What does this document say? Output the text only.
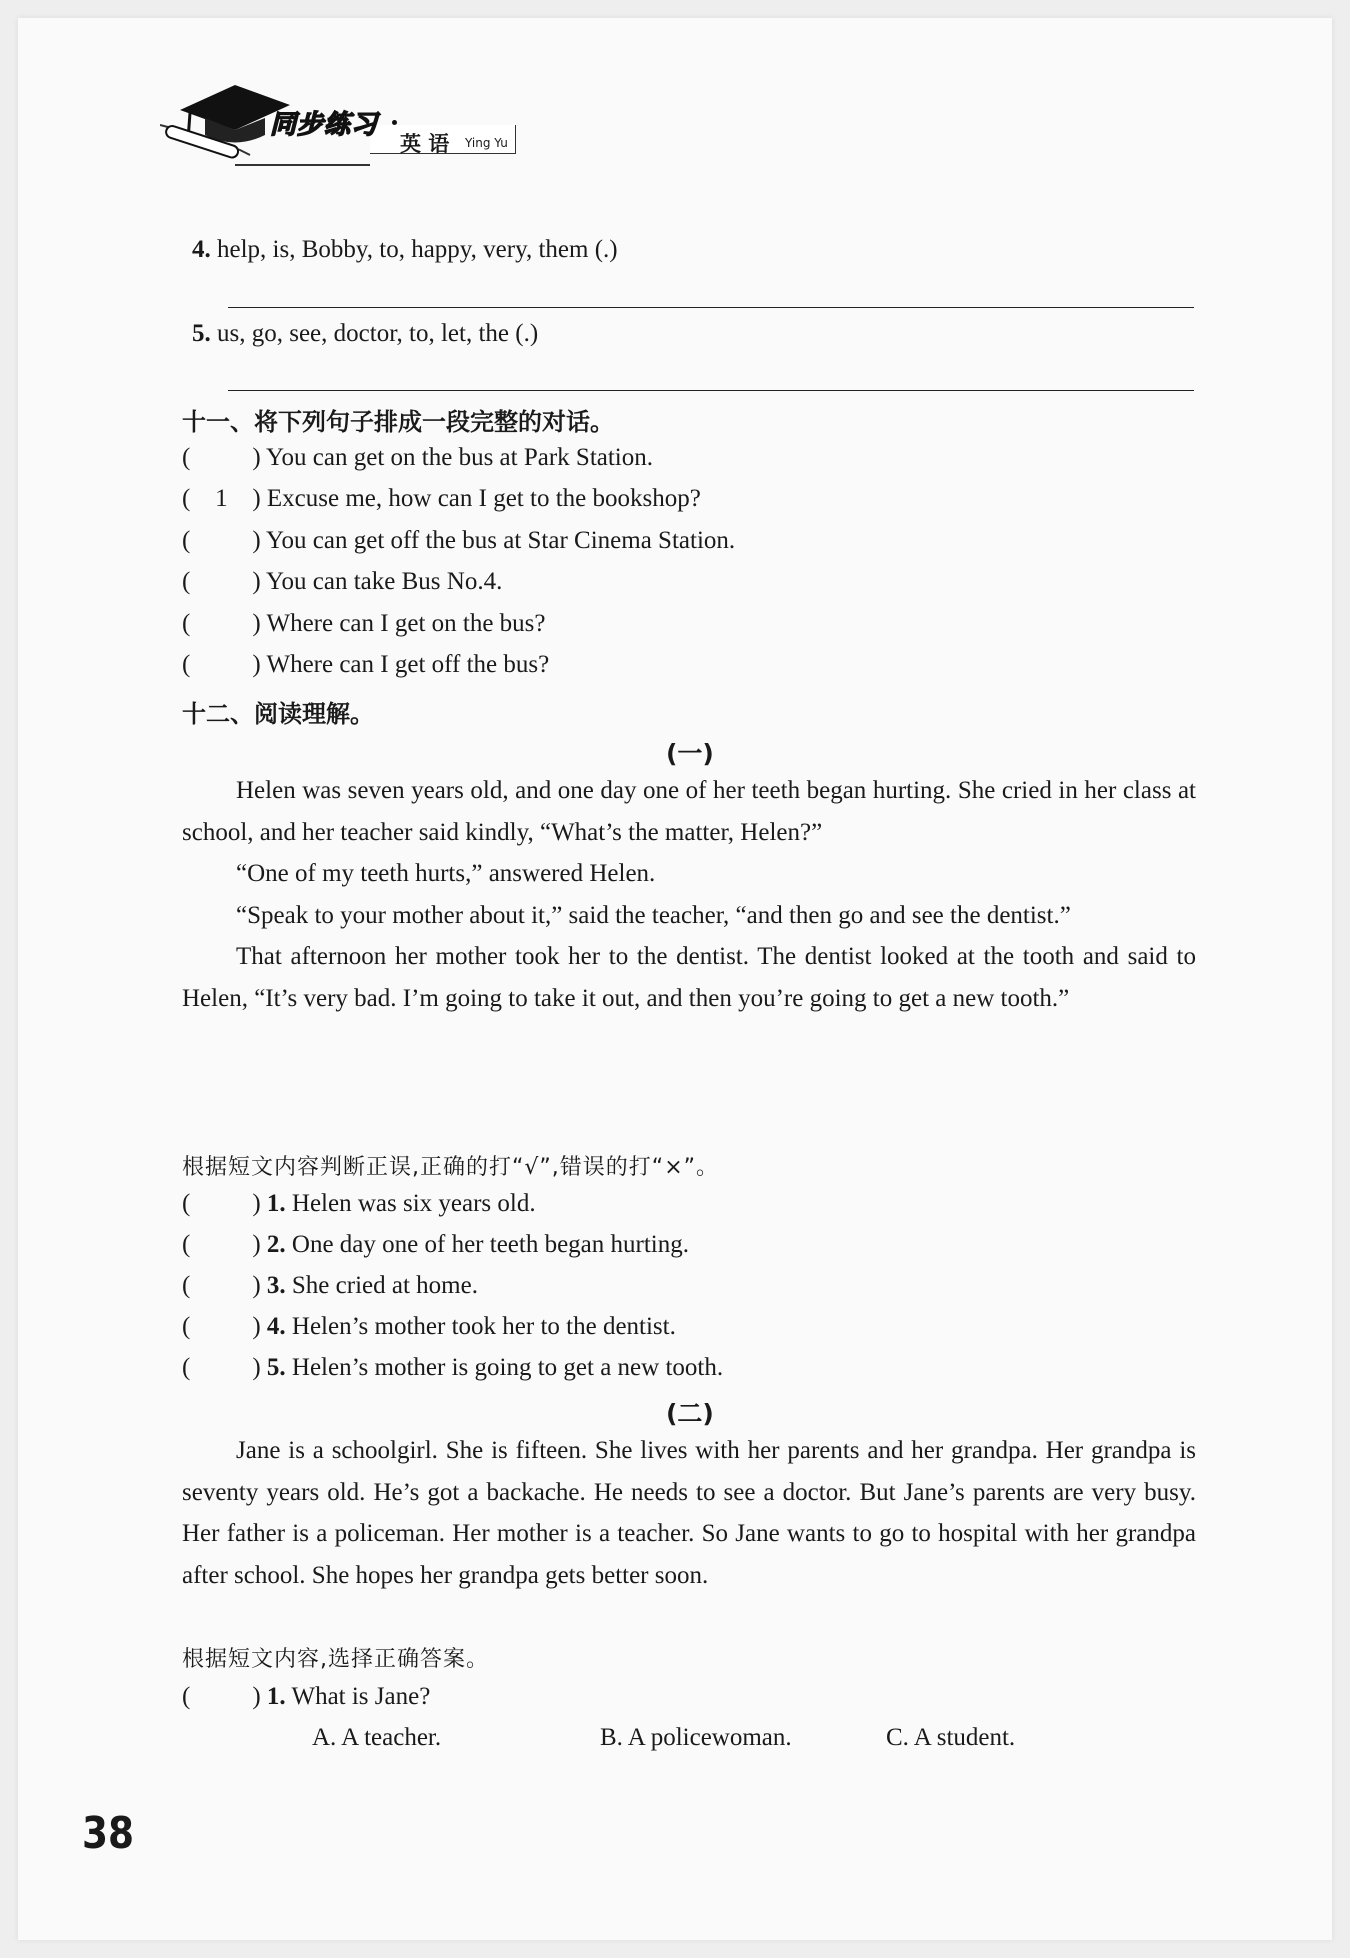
同步练习
英 语 Ying Yu
4. help, is, Bobby, to, happy, very, them (.)
5. us, go, see, doctor, to, let, the (.)
十一、将下列句子排成一段完整的对话。
( ) You can get on the bus at Park Station.
( 1 ) Excuse me, how can I get to the bookshop?
( ) You can get off the bus at Star Cinema Station.
( ) You can take Bus No.4.
( ) Where can I get on the bus?
( ) Where can I get off the bus?
十二、阅读理解。
(一)

Helen was seven years old, and one day one of her teeth began hurting. She cried in her class at school, and her teacher said kindly, “What’s the matter, Helen?”

“One of my teeth hurts,” answered Helen.

“Speak to your mother about it,” said the teacher, “and then go and see the dentist.”

That afternoon her mother took her to the dentist. The dentist looked at the tooth and said to Helen, “It’s very bad. I’m going to take it out, and then you’re going to get a new tooth.”

根据短文内容判断正误,正确的打“√”,错误的打“×”。
( ) 1. Helen was six years old.
( ) 2. One day one of her teeth began hurting.
( ) 3. She cried at home.
( ) 4. Helen’s mother took her to the dentist.
( ) 5. Helen’s mother is going to get a new tooth.
(二)

Jane is a schoolgirl. She is fifteen. She lives with her parents and her grandpa. Her grandpa is seventy years old. He’s got a backache. He needs to see a doctor. But Jane’s parents are very busy. Her father is a policeman. Her mother is a teacher. So Jane wants to go to hospital with her grandpa after school. She hopes her grandpa gets better soon.

根据短文内容,选择正确答案。
( ) 1. What is Jane?
A. A teacher.	B. A policewoman.	C. A student.
38
